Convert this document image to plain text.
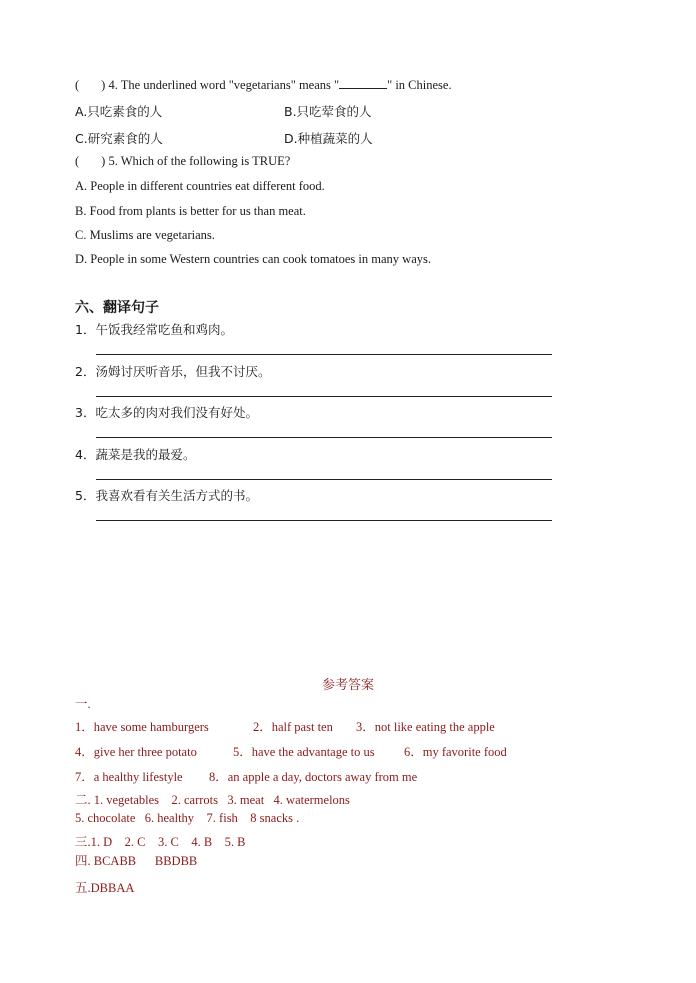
( ) 4. The underlined word "vegetarians" means "	" in Chinese.
A.只吃素食的人	B.只吃荤食的人
C.研究素食的人	D.种植蔬菜的人
( ) 5. Which of the following is TRUE?
A. People in different countries eat different food.
B. Food from plants is better for us than meat.
C. Muslims are vegetarians.
D. People in some Western countries can cook tomatoes in many ways.
六、翻译句子
1．午饭我经常吃鱼和鸡肉。
2．汤姆讨厌听音乐，但我不讨厌。
3．吃太多的肉对我们没有好处。
4．蔬菜是我的最爱。
5．我喜欢看有关生活方式的书。
参考答案
一.
1．have some hamburgers	2．half past ten 3．not like eating the apple
4．give her three potato	5．have the advantage to us 6．my favorite food
7．a healthy lifestyle 8．an apple a day, doctors away from me
二. 1. vegetables    2. carrots   3. meat   4. watermelons
5. chocolate   6. healthy    7. fish    8 snacks .
三.1. D    2. C    3. C    4. B    5. B
四. BCABB      BBDBB
五.DBBAA
